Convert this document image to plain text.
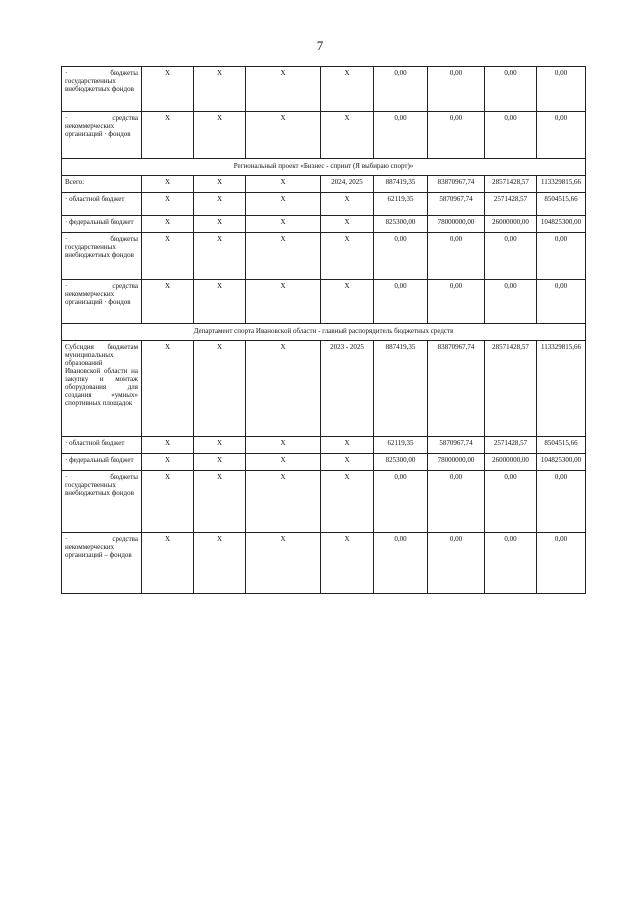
7
· бюджеты государственных внебюджетных фондов	X	X	X	X	0,00	0,00	0,00	0,00
· средства некоммерческих организаций · фондов	X	X	X	X	0,00	0,00	0,00	0,00
Региональный проект «Бизнес - спринт (Я выбираю спорт)»								
Всего:	X	X	X	2024, 2025	887419,35	83870967,74	28571428,57	113329815,66
· областной бюджет	X	X	X	X	62119,35	5870967,74	2571428,57	8504515,66
· федеральный бюджет	X	X	X	X	825300,00	78000000,00	26000000,00	104825300,00
· бюджеты государственных внебюджетных фондов	X	X	X	X	0,00	0,00	0,00	0,00
· средства некоммерческих организаций · фондов	X	X	X	X	0,00	0,00	0,00	0,00
Департамент спорта Ивановской области - главный распорядитель бюджетных средств								
Субсидия бюджетам муниципальных образований Ивановской области на закупку и монтаж оборудования для создания «умных» спортивных площадок	X	X	X	2023 - 2025	887419,35	83870967,74	28571428,57	113329815,66
· областной бюджет	X	X	X	X	62119,35	5870967,74	2571428,57	8504515,66
· федеральный бюджет	X	X	X	X	825300,00	78000000,00	26000000,00	104825300,00
· бюджеты государственных внебюджетных фондов	X	X	X	X	0,00	0,00	0,00	0,00
· средства некоммерческих организаций – фондов	X	X	X	X	0,00	0,00	0,00	0,00
